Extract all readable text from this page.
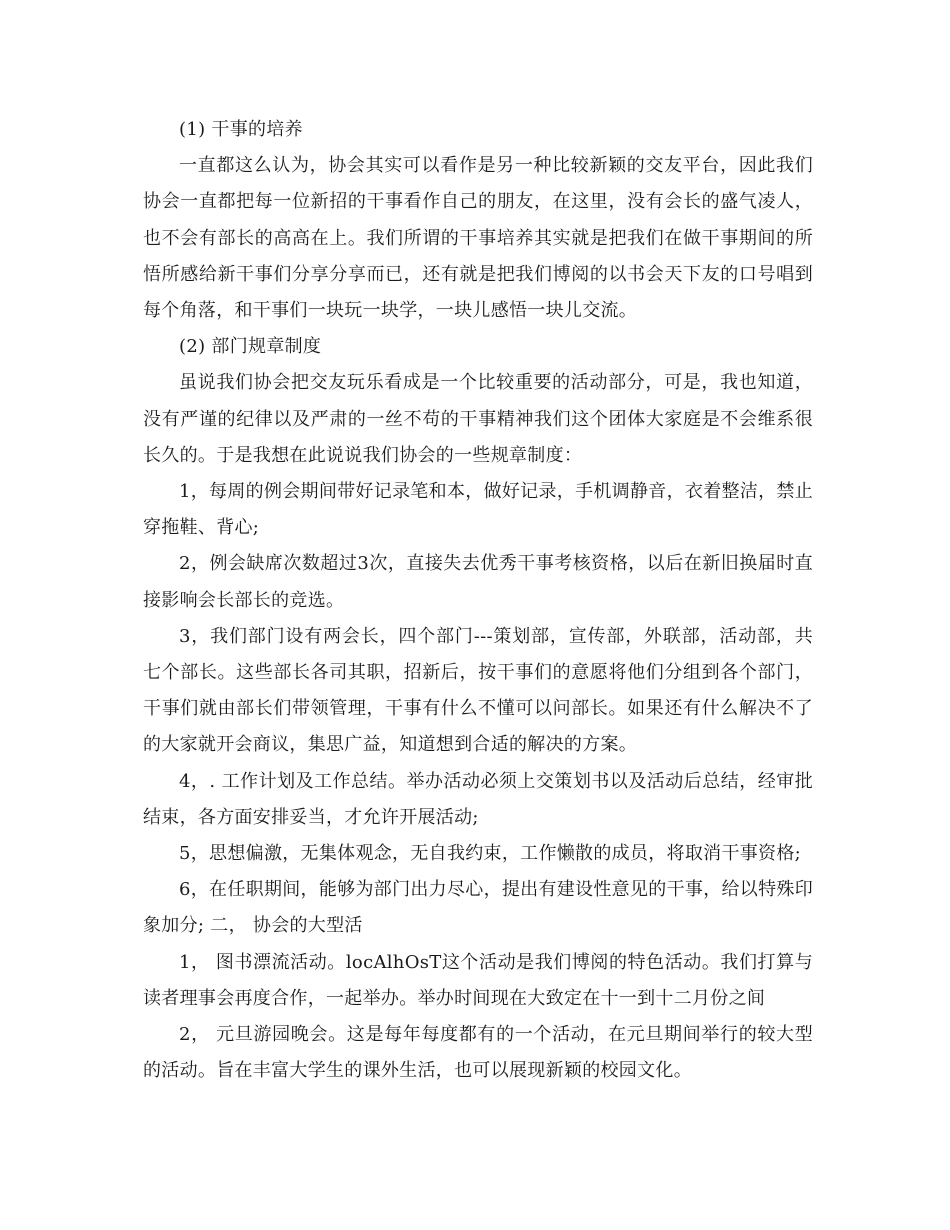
(1) 干事的培养

一直都这么认为，协会其实可以看作是另一种比较新颖的交友平台，因此我们协会一直都把每一位新招的干事看作自己的朋友，在这里，没有会长的盛气凌人，也不会有部长的高高在上。我们所谓的干事培养其实就是把我们在做干事期间的所悟所感给新干事们分享分享而已，还有就是把我们博阅的以书会天下友的口号唱到每个角落，和干事们一块玩一块学，一块儿感悟一块儿交流。

(2) 部门规章制度

虽说我们协会把交友玩乐看成是一个比较重要的活动部分，可是，我也知道，没有严谨的纪律以及严肃的一丝不苟的干事精神我们这个团体大家庭是不会维系很长久的。于是我想在此说说我们协会的一些规章制度：

1，每周的例会期间带好记录笔和本，做好记录，手机调静音，衣着整洁，禁止穿拖鞋、背心;

2，例会缺席次数超过3次，直接失去优秀干事考核资格，以后在新旧换届时直接影响会长部长的竞选。

3，我们部门设有两会长，四个部门---策划部，宣传部，外联部，活动部，共七个部长。这些部长各司其职，招新后，按干事们的意愿将他们分组到各个部门，干事们就由部长们带领管理，干事有什么不懂可以问部长。如果还有什么解决不了的大家就开会商议，集思广益，知道想到合适的解决的方案。

4，. 工作计划及工作总结。举办活动必须上交策划书以及活动后总结，经审批结束，各方面安排妥当，才允许开展活动;

5，思想偏激，无集体观念，无自我约束，工作懒散的成员，将取消干事资格;

6，在任职期间，能够为部门出力尽心，提出有建设性意见的干事，给以特殊印象加分; 二， 协会的大型活

1， 图书漂流活动。locAlhOsT这个活动是我们博阅的特色活动。我们打算与读者理事会再度合作，一起举办。举办时间现在大致定在十一到十二月份之间

2， 元旦游园晚会。这是每年每度都有的一个活动，在元旦期间举行的较大型的活动。旨在丰富大学生的课外生活，也可以展现新颖的校园文化。
